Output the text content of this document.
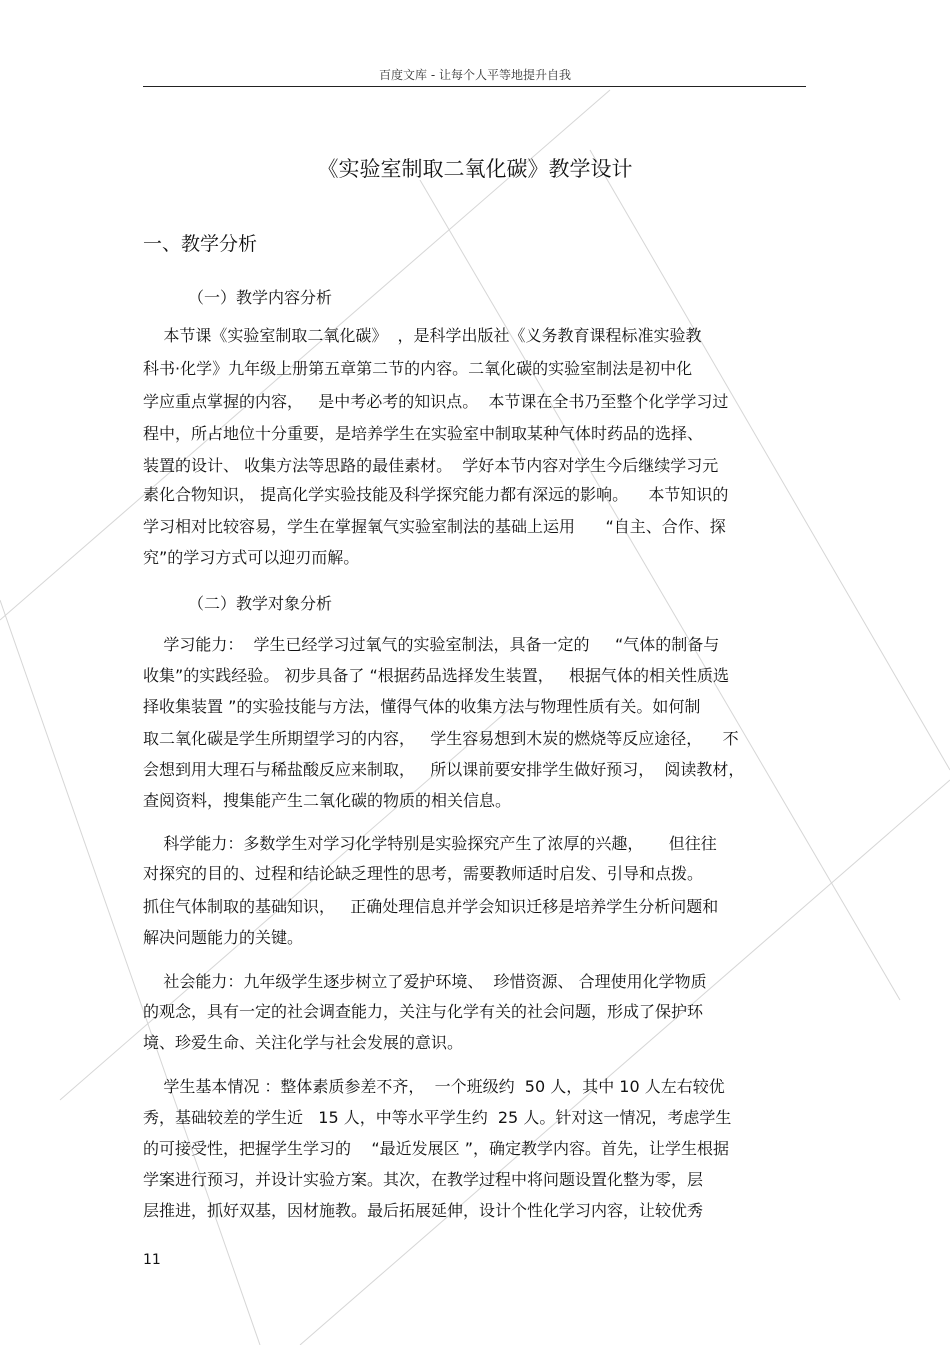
百度文库 - 让每个人平等地提升自我
《实验室制取二氧化碳》教学设计
一、教学分析
（一）教学内容分析
本节课《实验室制取二氧化碳》  ，是科学出版社《义务教育课程标准实验教
科书·化学》九年级上册第五章第二节的内容。二氧化碳的实验室制法是初中化
学应重点掌握的内容，   是中考必考的知识点。  本节课在全书乃至整个化学学习过
程中，所占地位十分重要，是培养学生在实验室中制取某种气体时药品的选择、
装置的设计、 收集方法等思路的最佳素材。  学好本节内容对学生今后继续学习元
素化合物知识， 提高化学实验技能及科学探究能力都有深远的影响。    本节知识的
学习相对比较容易，学生在掌握氧气实验室制法的基础上运用      “自主、合作、探
究”的学习方式可以迎刃而解。
（二）教学对象分析
学习能力：  学生已经学习过氧气的实验室制法，具备一定的     “气体的制备与
收集”的实践经验。 初步具备了 “根据药品选择发生装置，   根据气体的相关性质选
择收集装置 ”的实验技能与方法，懂得气体的收集方法与物理性质有关。如何制
取二氧化碳是学生所期望学习的内容，   学生容易想到木炭的燃烧等反应途径，    不
会想到用大理石与稀盐酸反应来制取，   所以课前要安排学生做好预习，  阅读教材，
查阅资料，搜集能产生二氧化碳的物质的相关信息。
科学能力：多数学生对学习化学特别是实验探究产生了浓厚的兴趣，     但往往
对探究的目的、过程和结论缺乏理性的思考，需要教师适时启发、引导和点拨。
抓住气体制取的基础知识，   正确处理信息并学会知识迁移是培养学生分析问题和
解决问题能力的关键。
社会能力：九年级学生逐步树立了爱护环境、  珍惜资源、 合理使用化学物质
的观念，具有一定的社会调查能力，关注与化学有关的社会问题，形成了保护环
境、珍爱生命、关注化学与社会发展的意识。
学生基本情况 ：整体素质参差不齐，  一个班级约  50 人，其中 10 人左右较优
秀，基础较差的学生近   15 人，中等水平学生约  25 人。针对这一情况，考虑学生
的可接受性，把握学生学习的    “最近发展区 ”，确定教学内容。首先，让学生根据
学案进行预习，并设计实验方案。其次，在教学过程中将问题设置化整为零，层
层推进，抓好双基，因材施教。最后拓展延伸，设计个性化学习内容，让较优秀
11
